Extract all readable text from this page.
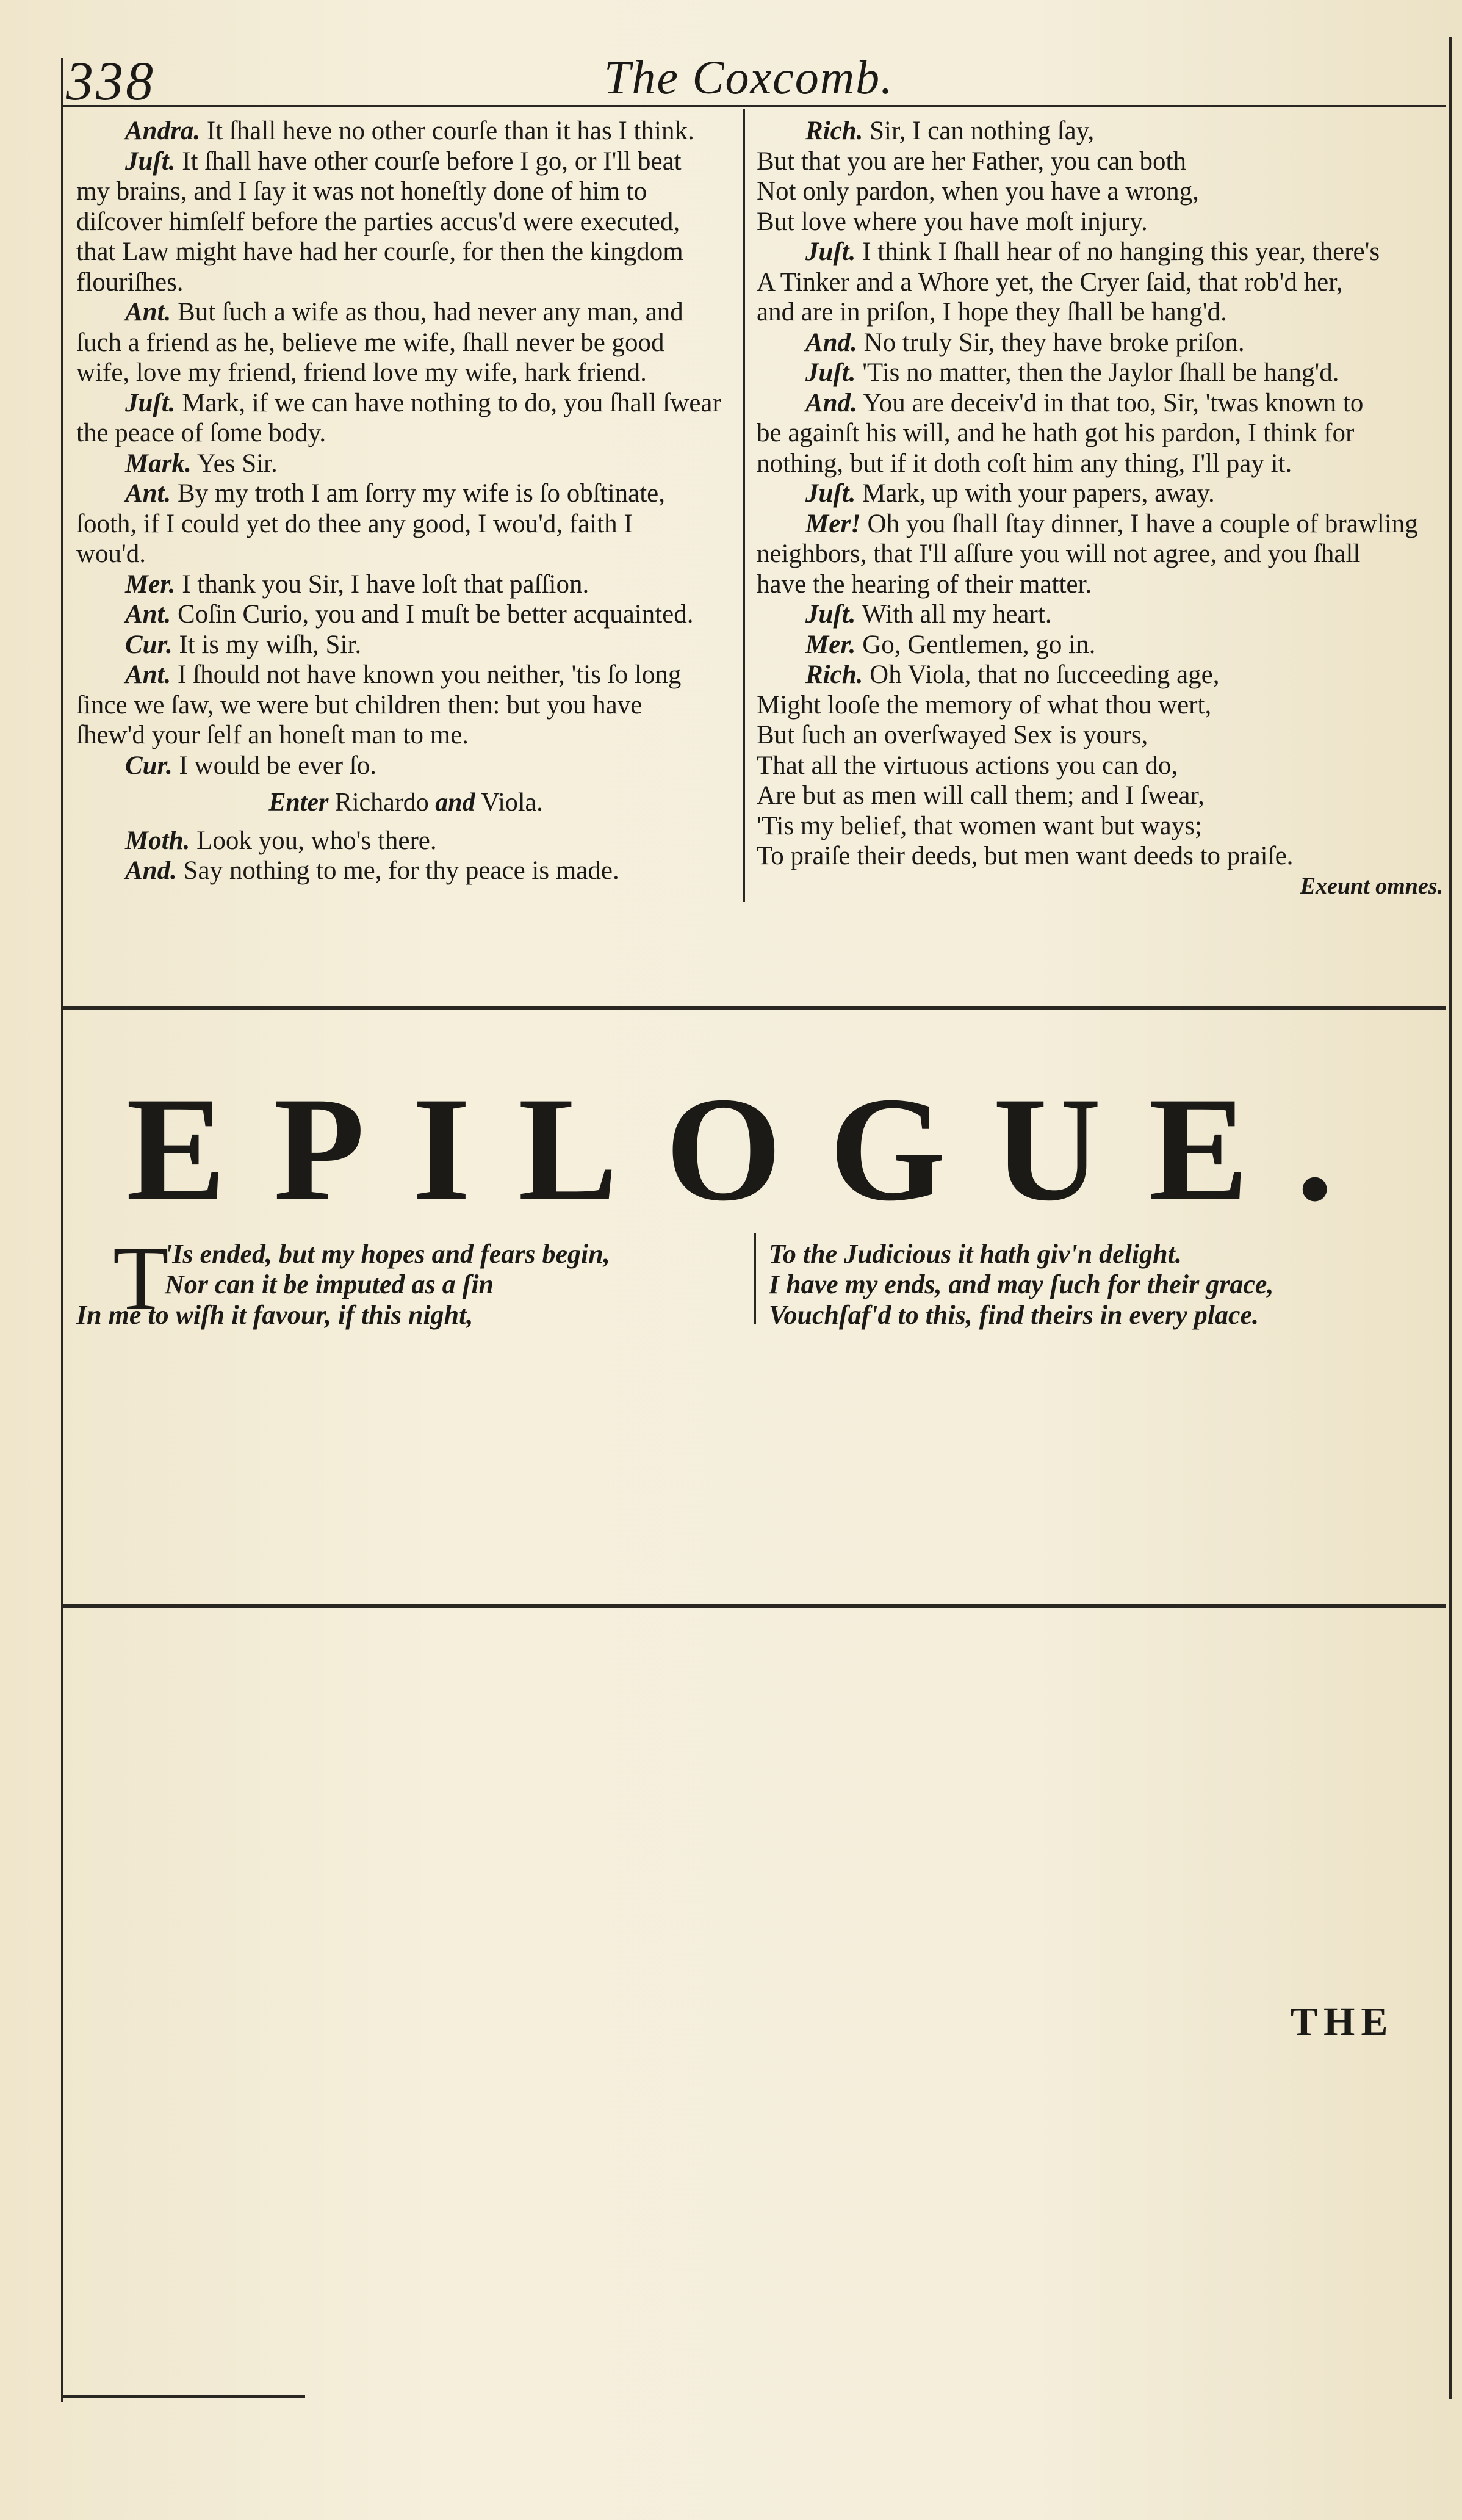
338	The Coxcomb.
Andra. It ſhall heve no other courſe than it has I think.
Juſt. It ſhall have other courſe before I go, or I'll beat
my brains, and I ſay it was not honeſtly done of him to
diſcover himſelf before the parties accus'd were executed,
that Law might have had her courſe, for then the kingdom
flouriſhes.
Ant. But ſuch a wife as thou, had never any man, and
ſuch a friend as he, believe me wife, ſhall never be good
wife, love my friend, friend love my wife, hark friend.
Juſt. Mark, if we can have nothing to do, you ſhall ſwear
the peace of ſome body.
Mark. Yes Sir.
Ant. By my troth I am ſorry my wife is ſo obſtinate,
ſooth, if I could yet do thee any good, I wou'd, faith I
wou'd.
Mer. I thank you Sir, I have loſt that paſſion.
Ant. Coſin Curio, you and I muſt be better acquainted.
Cur. It is my wiſh, Sir.
Ant. I ſhould not have known you neither, 'tis ſo long
ſince we ſaw, we were but children then: but you have
ſhew'd your ſelf an honeſt man to me.
Cur. I would be ever ſo.
Enter Richardo and Viola.
Moth. Look you, who's there.
And. Say nothing to me, for thy peace is made.
Rich. Sir, I can nothing ſay,
But that you are her Father, you can both
Not only pardon, when you have a wrong,
But love where you have moſt injury.
Juſt. I think I ſhall hear of no hanging this year, there's
A Tinker and a Whore yet, the Cryer ſaid, that rob'd her,
and are in priſon, I hope they ſhall be hang'd.
And. No truly Sir, they have broke priſon.
Juſt. 'Tis no matter, then the Jaylor ſhall be hang'd.
And. You are deceiv'd in that too, Sir, 'twas known to
be againſt his will, and he hath got his pardon, I think for
nothing, but if it doth coſt him any thing, I'll pay it.
Juſt. Mark, up with your papers, away.
Mer! Oh you ſhall ſtay dinner, I have a couple of brawling
neighbors, that I'll aſſure you will not agree, and you ſhall
have the hearing of their matter.
Juſt. With all my heart.
Mer. Go, Gentlemen, go in.
Rich. Oh Viola, that no ſucceeding age,
Might looſe the memory of what thou wert,
But ſuch an overſwayed Sex is yours,
That all the virtuous actions you can do,
Are but as men will call them; and I ſwear,
'Tis my belief, that women want but ways;
To praiſe their deeds, but men want deeds to praiſe.
Exeunt omnes.
EPILOGUE.
T
'Is ended, but my hopes and fears begin,
Nor can it be imputed as a ſin
In me to wiſh it favour, if this night,
To the Judicious it hath giv'n delight.
I have my ends, and may ſuch for their grace,
Vouchſaf'd to this, find theirs in every place.
THE
